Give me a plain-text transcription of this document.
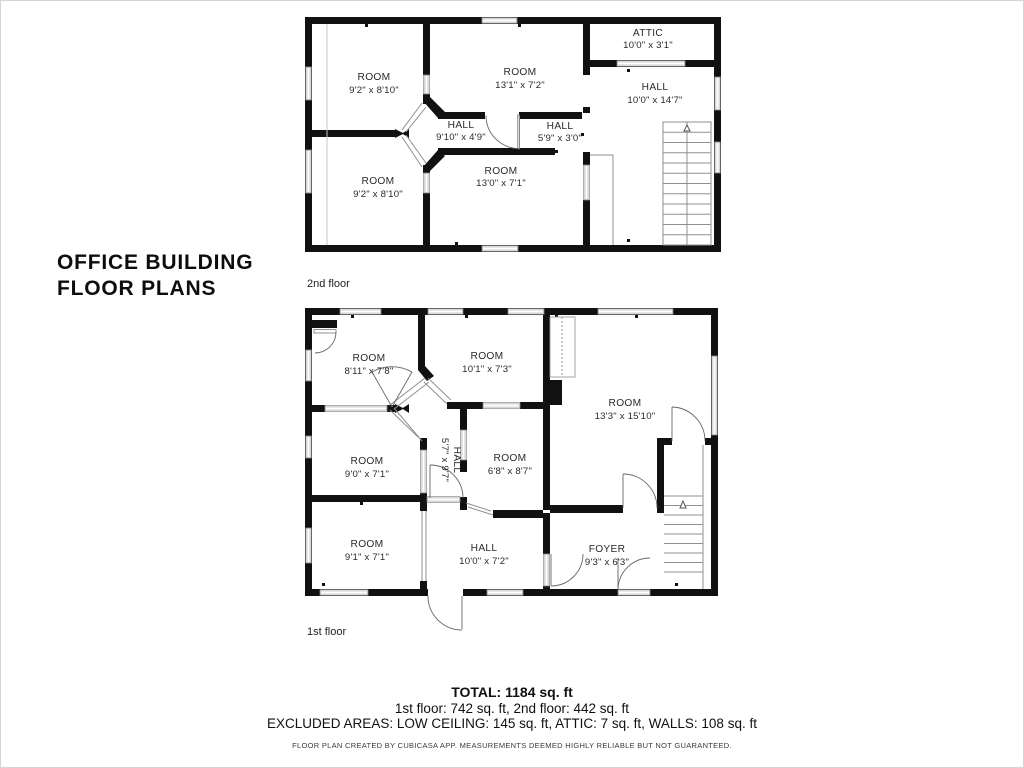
OFFICE BUILDING
FLOOR PLANS	2nd floor
1st floor
ROOM
9'2" x 8'10"
ROOM
13'1" x 7'2"
ATTIC
10'0" x 3'1"
HALL
10'0" x 14'7"
HALL
9'10" x 4'9"
HALL
5'9" x 3'0"
ROOM
13'0" x 7'1"
ROOM
9'2" x 8'10"
ROOM
8'11" x 7'8"
ROOM
10'1" x 7'3"
ROOM
13'3" x 15'10"
ROOM
9'0" x 7'1"
HALL
5'7" x 9'7"	ROOM
6'8" x 8'7"
ROOM
9'1" x 7'1"
HALL
10'0" x 7'2"
FOYER
9'3" x 6'3"
TOTAL: 1184 sq. ft
1st floor: 742 sq. ft, 2nd floor: 442 sq. ft
EXCLUDED AREAS: LOW CEILING: 145 sq. ft, ATTIC: 7 sq. ft, WALLS: 108 sq. ft
FLOOR PLAN CREATED BY CUBICASA APP. MEASUREMENTS DEEMED HIGHLY RELIABLE BUT NOT GUARANTEED.
